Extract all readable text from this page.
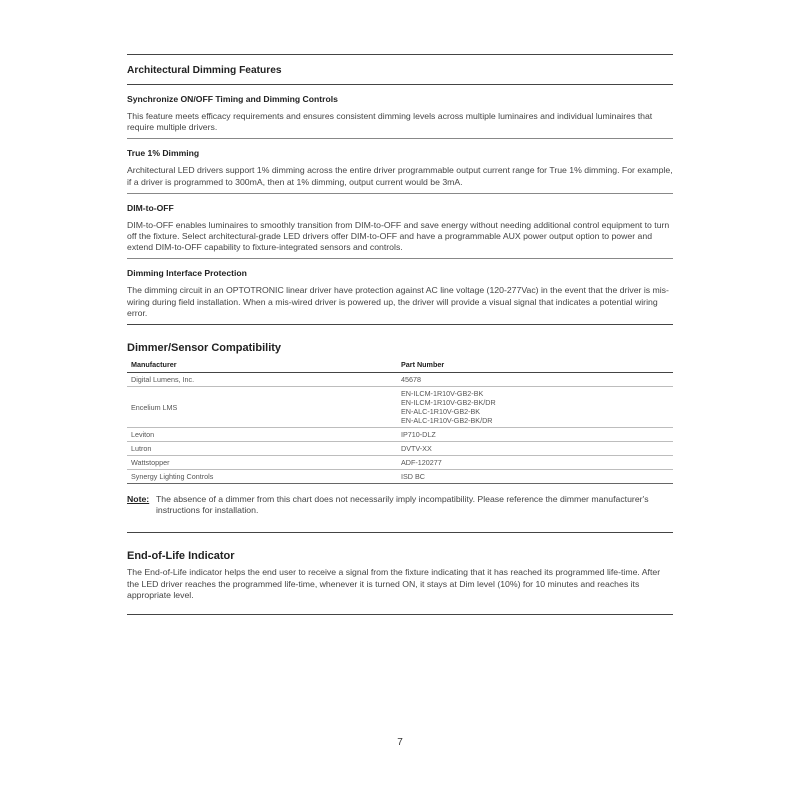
Architectural Dimming Features
Synchronize ON/OFF Timing and Dimming Controls
This feature meets efficacy requirements and ensures consistent dimming levels across multiple luminaires and individual luminaires that require multiple drivers.
True 1% Dimming
Architectural LED drivers support 1% dimming across the entire driver programmable output current range for True 1% dimming. For example, if a driver is programmed to 300mA, then at 1% dimming, output current would be 3mA.
DIM-to-OFF
DIM-to-OFF enables luminaires to smoothly transition from DIM-to-OFF and save energy without needing additional control equipment to turn off the fixture. Select architectural-grade LED drivers offer DIM-to-OFF and have a programmable AUX power output option to power and extend DIM-to-OFF capability to fixture-integrated sensors and controls.
Dimming Interface Protection
The dimming circuit in an OPTOTRONIC linear driver have protection against AC line voltage (120-277Vac) in the event that the driver is mis-wiring during field installation. When a mis-wired driver is powered up, the driver will provide a visual signal that indicates a potential wiring error.
Dimmer/Sensor Compatibility
Manufacturer	Part Number
Digital Lumens, Inc.	45678

Encelium LMS	EN-ILCM-1R10V-GB2-BK
EN-ILCM-1R10V-GB2-BK/DR
EN-ALC-1R10V-GB2-BK
EN-ALC-1R10V-GB2-BK/DR

Leviton	IP710-DLZ

Lutron	DVTV-XX

Wattstopper	ADF-120277

Synergy Lighting Controls	ISD BC
Note: The absence of a dimmer from this chart does not necessarily imply incompatibility. Please reference the dimmer manufacturer's instructions for installation.
End-of-Life Indicator
The End-of-Life indicator helps the end user to receive a signal from the fixture indicating that it has reached its programmed life-time. After the LED driver reaches the programmed life-time, whenever it is turned ON, it stays at Dim level (10%) for 10 minutes and reaches its appropriate level.
7
